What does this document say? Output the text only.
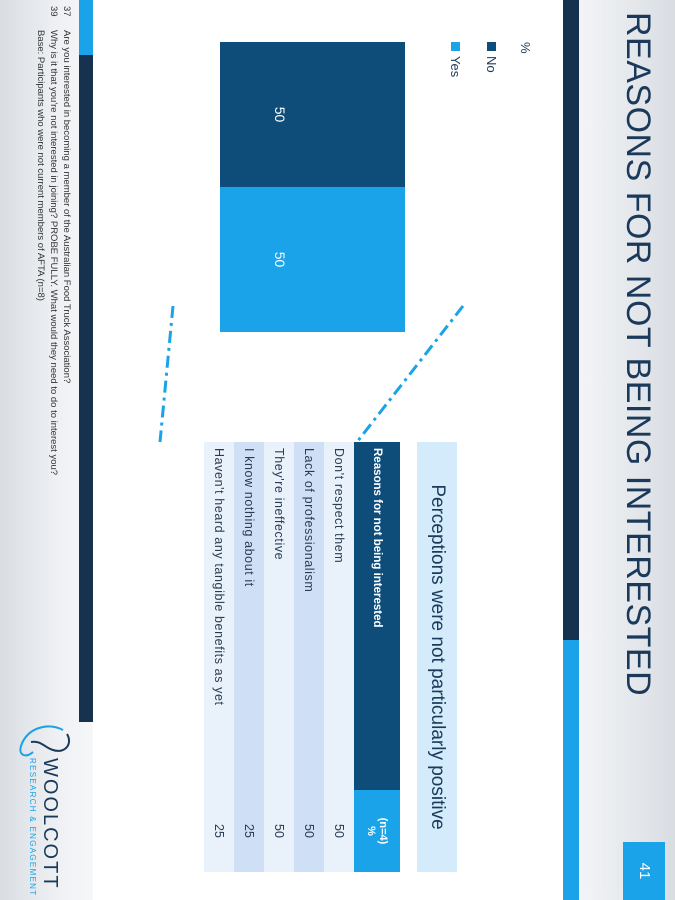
REASONS FOR NOT BEING INTERESTED
41
%
No
Yes
50
50
Perceptions were not particularly positive
Reasons for not being interested	(n=4)
%
Don't respect them	50
Lack of professionalism	50
They're ineffective	50
I know nothing about it	25
Haven't heard any tangible benefits as yet	25
37Are you interested in becoming a member of the Australian Food Truck Association?
39Why is it that you're not interested in joining? PROBE FULLY. What would they need to do to interest you?
Base: Participants who were not current members of AFTA (n=8)
WOOLCOTT
RESEARCH & ENGAGEMENT
